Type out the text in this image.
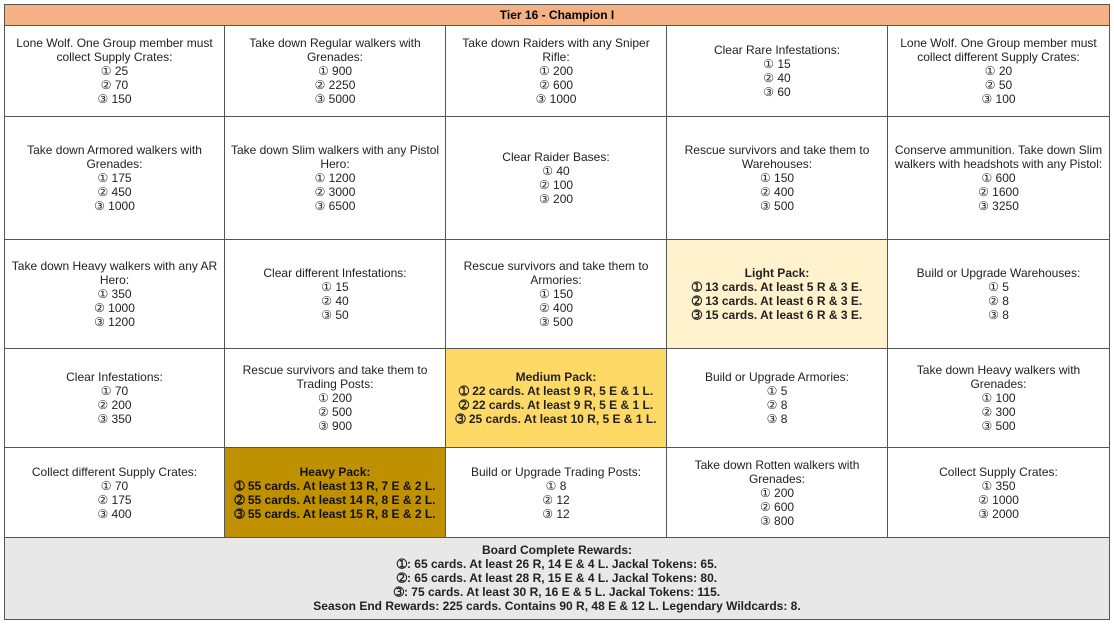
Tier 16 - Champion I
Lone Wolf. One Group member must collect Supply Crates:
① 25
② 70
③ 150
Take down Regular walkers with Grenades:
① 900
② 2250
③ 5000
Take down Raiders with any Sniper Rifle:
① 200
② 600
③ 1000
Clear Rare Infestations:
① 15
② 40
③ 60
Lone Wolf. One Group member must collect different Supply Crates:
① 20
② 50
③ 100
Take down Armored walkers with Grenades:
① 175
② 450
③ 1000
Take down Slim walkers with any Pistol Hero:
① 1200
② 3000
③ 6500
Clear Raider Bases:
① 40
② 100
③ 200
Rescue survivors and take them to Warehouses:
① 150
② 400
③ 500
Conserve ammunition. Take down Slim walkers with headshots with any Pistol:
① 600
② 1600
③ 3250
Take down Heavy walkers with any AR Hero:
① 350
② 1000
③ 1200
Clear different Infestations:
① 15
② 40
③ 50
Rescue survivors and take them to Armories:
① 150
② 400
③ 500
Light Pack:
➀ 13 cards. At least 5 R & 3 E.
➁ 13 cards. At least 6 R & 3 E.
➂ 15 cards. At least 6 R & 3 E.
Build or Upgrade Warehouses:
① 5
② 8
③ 8
Clear Infestations:
① 70
② 200
③ 350
Rescue survivors and take them to Trading Posts:
① 200
② 500
③ 900
Medium Pack:
➀ 22 cards. At least 9 R, 5 E & 1 L.
➁ 22 cards. At least 9 R, 5 E & 1 L.
➂ 25 cards. At least 10 R, 5 E & 1 L.
Build or Upgrade Armories:
① 5
② 8
③ 8
Take down Heavy walkers with Grenades:
① 100
② 300
③ 500
Collect different Supply Crates:
① 70
② 175
③ 400
Heavy Pack:
➀ 55 cards. At least 13 R, 7 E & 2 L.
➁ 55 cards. At least 14 R, 8 E & 2 L.
➂ 55 cards. At least 15 R, 8 E & 2 L.
Build or Upgrade Trading Posts:
① 8
② 12
③ 12
Take down Rotten walkers with Grenades:
① 200
② 600
③ 800
Collect Supply Crates:
① 350
② 1000
③ 2000
Board Complete Rewards:
➀: 65 cards. At least 26 R, 14 E & 4 L. Jackal Tokens: 65.
➁: 65 cards. At least 28 R, 15 E & 4 L. Jackal Tokens: 80.
➂: 75 cards. At least 30 R, 16 E & 5 L. Jackal Tokens: 115.
Season End Rewards: 225 cards. Contains 90 R, 48 E & 12 L. Legendary Wildcards: 8.
